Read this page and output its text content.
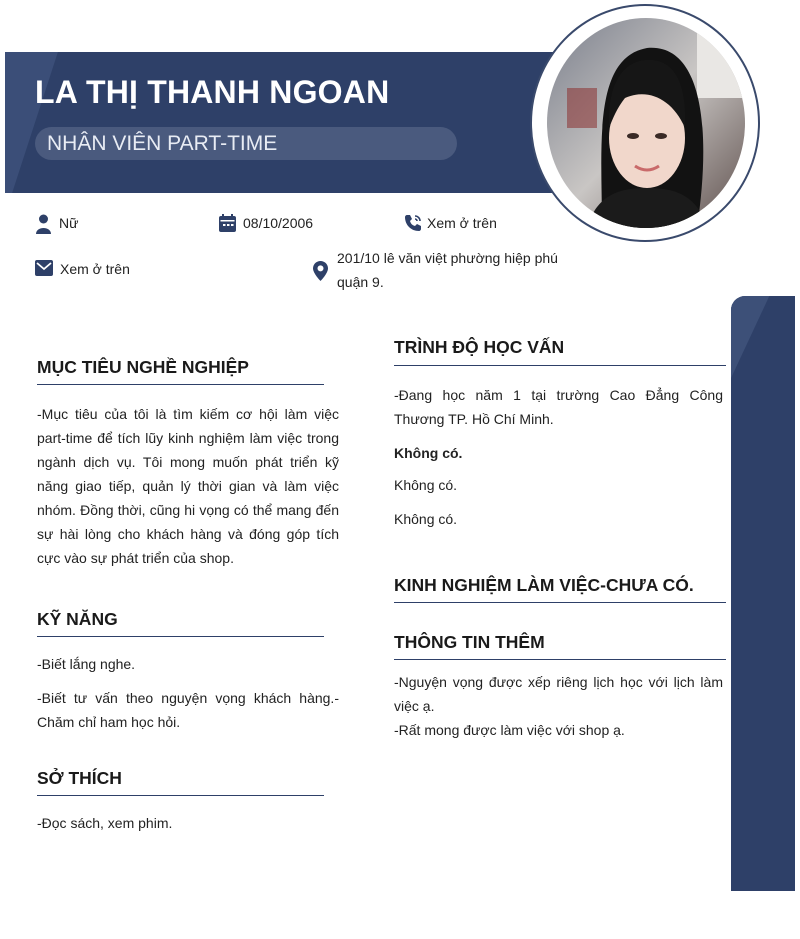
LA THỊ THANH NGOAN
NHÂN VIÊN PART-TIME
Nữ	08/10/2006	Xem ở trên
Xem ở trên
201/10 lê văn việt phường hiệp phú quận 9.
MỤC TIÊU NGHỀ NGHIỆP

-Mục tiêu của tôi là tìm kiếm cơ hội làm việc part-time để tích lũy kinh nghiệm làm việc trong ngành dịch vụ. Tôi mong muốn phát triển kỹ năng giao tiếp, quản lý thời gian và làm việc nhóm. Đồng thời, cũng hi vọng có thể mang đến sự hài lòng cho khách hàng và đóng góp tích cực vào sự phát triển của shop.

KỸ NĂNG
-Biết lắng nghe.

-Biết tư vấn theo nguyện vọng khách hàng.-Chăm chỉ ham học hỏi.

SỞ THÍCH
-Đọc sách, xem phim.
TRÌNH ĐỘ HỌC VẤN

-Đang học năm 1 tại trường Cao Đẳng Công Thương TP. Hồ Chí Minh.

Không có.
Không có.
Không có.
KINH NGHIỆM LÀM VIỆC-CHƯA CÓ.
THÔNG TIN THÊM

-Nguyện vọng được xếp riêng lịch học với lịch làm việc ạ.

-Rất mong được làm việc với shop ạ.
